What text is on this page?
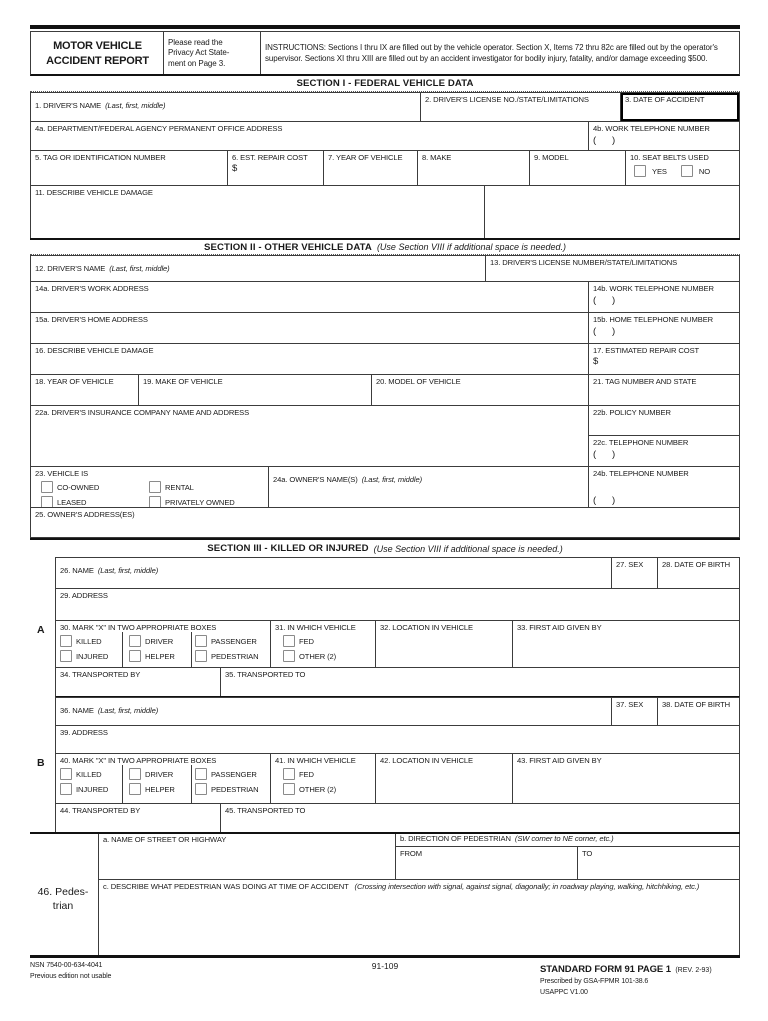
MOTOR VEHICLE
ACCIDENT REPORT
Please read the
Privacy Act State-
ment on Page 3.
INSTRUCTIONS: Sections I thru IX are filled out by the vehicle operator. Section X, Items 72 thru 82c are filled out by the operator's supervisor. Sections XI thru XIII are filled out by an accident investigator for bodily injury, fatality, and/or damage exceeding $500.
SECTION I - FEDERAL VEHICLE DATA
1. DRIVER'S NAME (Last, first, middle)
2. DRIVER'S LICENSE NO./STATE/LIMITATIONS	3. DATE OF ACCIDENT
4a. DEPARTMENT/FEDERAL AGENCY PERMANENT OFFICE ADDRESS	4b. WORK TELEPHONE NUMBER
(      )
5. TAG OR IDENTIFICATION NUMBER	6. EST. REPAIR COST
$
7. YEAR OF VEHICLE	8. MAKE	9. MODEL	10. SEAT BELTS USED
YES	NO
11. DESCRIBE VEHICLE DAMAGE
SECTION II - OTHER VEHICLE DATA (Use Section VIII if additional space is needed.)
12. DRIVER'S NAME (Last, first, middle)
13. DRIVER'S LICENSE NUMBER/STATE/LIMITATIONS
14a. DRIVER'S WORK ADDRESS	14b. WORK TELEPHONE NUMBER
(      )
15a. DRIVER'S HOME ADDRESS	15b. HOME TELEPHONE NUMBER
(      )
16. DESCRIBE VEHICLE DAMAGE	17. ESTIMATED REPAIR COST
$
18. YEAR OF VEHICLE	19. MAKE OF VEHICLE	20. MODEL OF VEHICLE	21. TAG NUMBER AND STATE
22a. DRIVER'S INSURANCE COMPANY NAME AND ADDRESS	22b. POLICY NUMBER
22c. TELEPHONE NUMBER
(      )
23. VEHICLE IS
CO-OWNED
LEASED
RENTAL
PRIVATELY OWNED
24a. OWNER'S NAME(S) (Last, first, middle)
24b. TELEPHONE NUMBER
(      )
25. OWNER'S ADDRESS(ES)
SECTION III - KILLED OR INJURED (Use Section VIII if additional space is needed.)
A
B
26. NAME (Last, first, middle)
27. SEX	28. DATE OF BIRTH
29. ADDRESS
30. MARK "X" IN TWO APPROPRIATE BOXES
KILLED
INJURED
DRIVER
HELPER
PASSENGER
PEDESTRIAN
31. IN WHICH VEHICLE
FED
OTHER (2)
32. LOCATION IN VEHICLE	33. FIRST AID GIVEN BY
34. TRANSPORTED BY	35. TRANSPORTED TO
36. NAME (Last, first, middle)
37. SEX	38. DATE OF BIRTH
39. ADDRESS
40. MARK "X" IN TWO APPROPRIATE BOXES
KILLED
INJURED
DRIVER
HELPER
PASSENGER
PEDESTRIAN
41. IN WHICH VEHICLE
FED
OTHER (2)
42. LOCATION IN VEHICLE	43. FIRST AID GIVEN BY
44. TRANSPORTED BY	45. TRANSPORTED TO
46. Pedes-
trian
a. NAME OF STREET OR HIGHWAY	b. DIRECTION OF PEDESTRIAN (SW corner to NE corner, etc.)
FROM	TO
c. DESCRIBE WHAT PEDESTRIAN WAS DOING AT TIME OF ACCIDENT (Crossing intersection with signal, against signal, diagonally; in roadway playing, walking, hitchhiking, etc.)
NSN 7540-00-634-4041
Previous edition not usable
91-109	STANDARD FORM 91 PAGE 1 (REV. 2-93)
Prescribed by GSA-FPMR 101-38.6
USAPPC V1.00
